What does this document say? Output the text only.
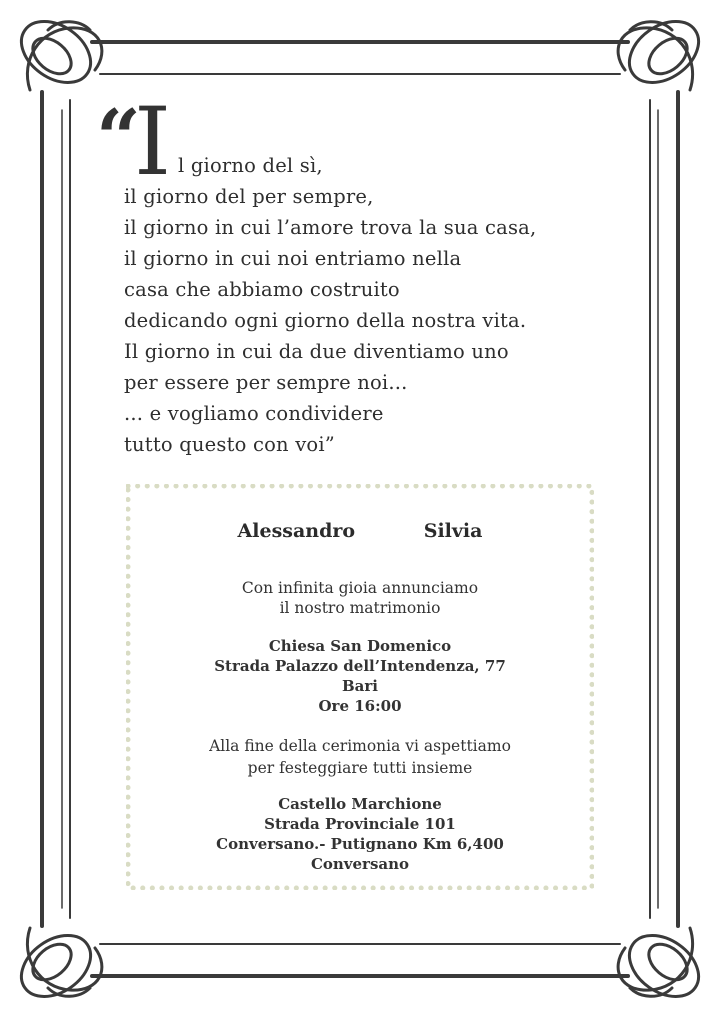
“
I l giorno del sì,
il giorno del per sempre,
il giorno in cui l’amore trova la sua casa,
il giorno in cui noi entriamo nella
casa che abbiamo costruito
dedicando ogni giorno della nostra vita.
Il giorno in cui da due diventiamo uno
per essere per sempre noi...
... e vogliamo condividere
tutto questo con voi”
Alessandro	Silvia
Con infinita gioia annunciamo
il nostro matrimonio
Chiesa San Domenico
Strada Palazzo dell’Intendenza, 77
Bari
Ore 16:00
Alla fine della cerimonia vi aspettiamo
per festeggiare tutti insieme
Castello Marchione
Strada Provinciale 101
Conversano.- Putignano Km 6,400
Conversano
